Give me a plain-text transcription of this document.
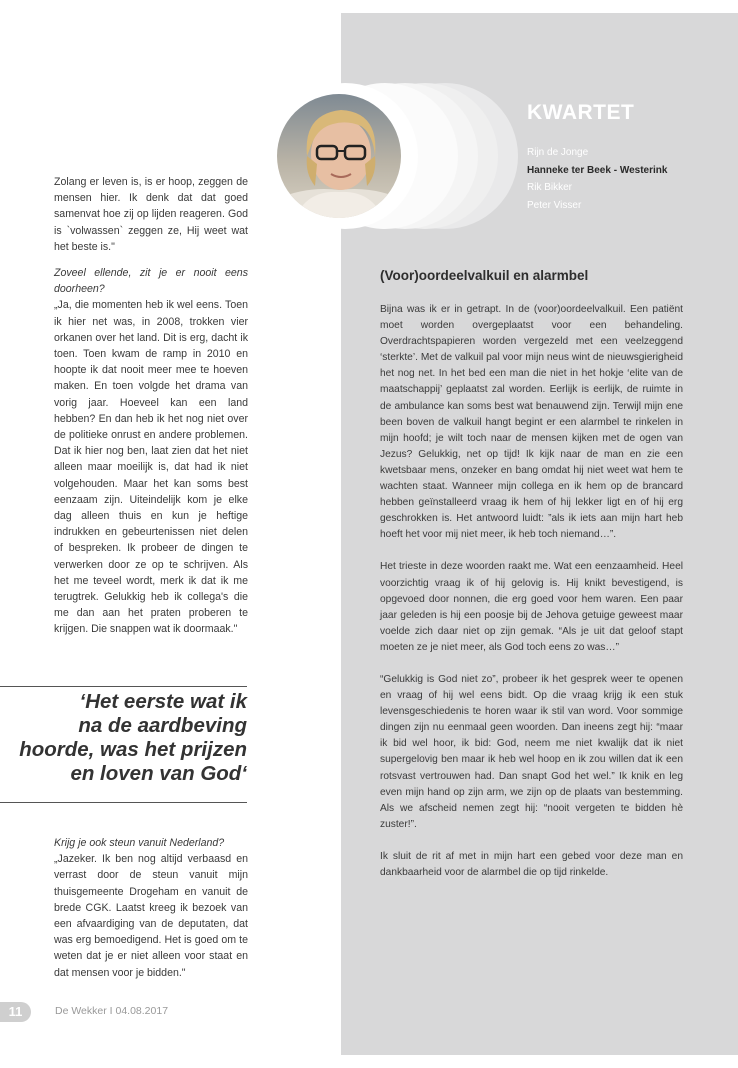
KWARTET
Rijn de Jonge
Hanneke ter Beek - Westerink
Rik Bikker
Peter Visser

Zolang er leven is, is er hoop, zeggen de mensen hier. Ik denk dat dat goed samenvat hoe zij op lijden reageren. God is `volwassen` zeggen ze, Hij weet wat het beste is."

Zoveel ellende, zit je er nooit eens doorheen?

„Ja, die momenten heb ik wel eens. Toen ik hier net was, in 2008, trokken vier orkanen over het land. Dit is erg, dacht ik toen. Toen kwam de ramp in 2010 en hoopte ik dat nooit meer mee te hoeven maken. En toen volgde het drama van vorig jaar. Hoeveel kan een land hebben? En dan heb ik het nog niet over de politieke onrust en andere problemen. Dat ik hier nog ben, laat zien dat het niet alleen maar moeilijk is, dat had ik niet volgehouden. Maar het kan soms best eenzaam zijn. Uiteindelijk kom je elke dag alleen thuis en kun je heftige indrukken en gebeurtenissen niet delen of bespreken. Ik probeer de dingen te verwerken door ze op te schrijven. Als het me teveel wordt, merk ik dat ik me terugtrek. Gelukkig heb ik collega's die me dan aan het praten proberen te krijgen. Die snappen wat ik doormaak."

‘Het eerste wat ik
na de aardbeving
hoorde, was het prijzen
en loven van God‘

Krijg je ook steun vanuit Nederland?

„Jazeker. Ik ben nog altijd verbaasd en verrast door de steun vanuit mijn thuisgemeente Drogeham en vanuit de brede CGK. Laatst kreeg ik bezoek van een afvaardiging van de deputaten, dat was erg bemoedigend. Het is goed om te weten dat je er niet alleen voor staat en dat mensen voor je bidden."

(Voor)oordeelvalkuil en alarmbel

Bijna was ik er in getrapt. In de (voor)oordeelvalkuil. Een patiënt moet worden overgeplaatst voor een behandeling. Overdrachtspapieren worden vergezeld met een veelzeggend ‘sterkte’. Met de valkuil pal voor mijn neus wint de nieuwsgierigheid het nog net. In het bed een man die niet in het hokje ‘elite van de maatschappij’ geplaatst zal worden. Eerlijk is eerlijk, de ruimte in de ambulance kan soms best wat benauwend zijn. Terwijl mijn ene been boven de valkuil hangt begint er een alarmbel te rinkelen in mijn hoofd; je wilt toch naar de mensen kijken met de ogen van Jezus? Gelukkig, net op tijd! Ik kijk naar de man en zie een kwetsbaar mens, onzeker en bang omdat hij niet weet wat hem te wachten staat. Wanneer mijn collega en ik hem op de brancard hebben geïnstalleerd vraag ik hem of hij lekker ligt en of hij erg geschrokken is. Het antwoord luidt: ”als ik iets aan mijn hart heb hoeft het voor mij niet meer, ik heb toch niemand…”.

Het trieste in deze woorden raakt me. Wat een eenzaamheid. Heel voorzichtig vraag ik of hij gelovig is. Hij knikt bevestigend, is opgevoed door nonnen, die erg goed voor hem waren. Een paar jaar geleden is hij een poosje bij de Jehova getuige geweest maar voelde zich daar niet op zijn gemak. “Als je uit dat geloof stapt moeten ze je niet meer, als God toch eens zo was…”

“Gelukkig is God niet zo”, probeer ik het gesprek weer te openen en vraag of hij wel eens bidt. Op die vraag krijg ik een stuk levensgeschiedenis te horen waar ik stil van word. Voor sommige dingen zijn nu eenmaal geen woorden. Dan ineens zegt hij: “maar ik bid wel hoor, ik bid: God, neem me niet kwalijk dat ik niet supergelovig ben maar ik heb wel hoop en ik zou willen dat ik een rotsvast vertrouwen had. Dan snapt God het wel.” Ik knik en leg even mijn hand op zijn arm, we zijn op de plaats van bestemming. Als we afscheid nemen zegt hij: “nooit vergeten te bidden hè zuster!”.

Ik sluit de rit af met in mijn hart een gebed voor deze man en dankbaarheid voor de alarmbel die op tijd rinkelde.

11	De Wekker I 04.08.2017
